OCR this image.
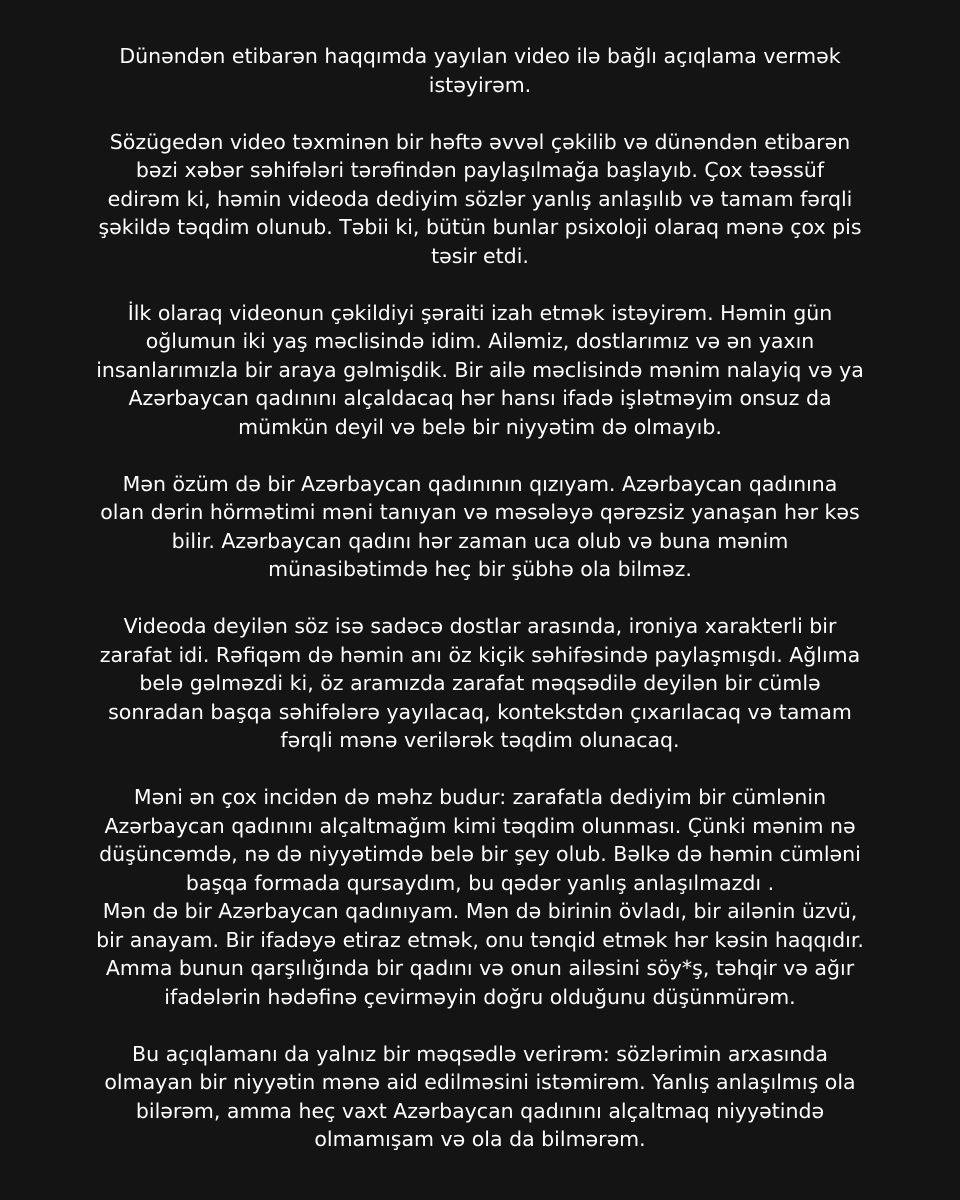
Dünəndən etibarən haqqımda yayılan video ilə bağlı açıqlama vermək
istəyirəm.

Sözügedən video təxminən bir həftə əvvəl çəkilib və dünəndən etibarən
bəzi xəbər səhifələri tərəfindən paylaşılmağa başlayıb. Çox təəssüf
edirəm ki, həmin videoda dediyim sözlər yanlış anlaşılıb və tamam fərqli
şəkildə təqdim olunub. Təbii ki, bütün bunlar psixoloji olaraq mənə çox pis
təsir etdi.

İlk olaraq videonun çəkildiyi şəraiti izah etmək istəyirəm. Həmin gün
oğlumun iki yaş məclisində idim. Ailəmiz, dostlarımız və ən yaxın
insanlarımızla bir araya gəlmişdik. Bir ailə məclisində mənim nalayiq və ya
Azərbaycan qadınını alçaldacaq hər hansı ifadə işlətməyim onsuz da
mümkün deyil və belə bir niyyətim də olmayıb.

Mən özüm də bir Azərbaycan qadınının qızıyam. Azərbaycan qadınına
olan dərin hörmətimi məni tanıyan və məsələyə qərəzsiz yanaşan hər kəs
bilir. Azərbaycan qadını hər zaman uca olub və buna mənim
münasibətimdə heç bir şübhə ola bilməz.

Videoda deyilən söz isə sadəcə dostlar arasında, ironiya xarakterli bir
zarafat idi. Rəfiqəm də həmin anı öz kiçik səhifəsində paylaşmışdı. Ağlıma
belə gəlməzdi ki, öz aramızda zarafat məqsədilə deyilən bir cümlə
sonradan başqa səhifələrə yayılacaq, kontekstdən çıxarılacaq və tamam
fərqli mənə verilərək təqdim olunacaq.

Məni ən çox incidən də məhz budur: zarafatla dediyim bir cümlənin
Azərbaycan qadınını alçaltmağım kimi təqdim olunması. Çünki mənim nə
düşüncəmdə, nə də niyyətimdə belə bir şey olub. Bəlkə də həmin cümləni
başqa formada qursaydım, bu qədər yanlış anlaşılmazdı .
Mən də bir Azərbaycan qadınıyam. Mən də birinin övladı, bir ailənin üzvü,
bir anayam. Bir ifadəyə etiraz etmək, onu tənqid etmək hər kəsin haqqıdır.
Amma bunun qarşılığında bir qadını və onun ailəsini söy*ş, təhqir və ağır
ifadələrin hədəfinə çevirməyin doğru olduğunu düşünmürəm.

Bu açıqlamanı da yalnız bir məqsədlə verirəm: sözlərimin arxasında
olmayan bir niyyətin mənə aid edilməsini istəmirəm. Yanlış anlaşılmış ola
bilərəm, amma heç vaxt Azərbaycan qadınını alçaltmaq niyyətində
olmamışam və ola da bilmərəm.
